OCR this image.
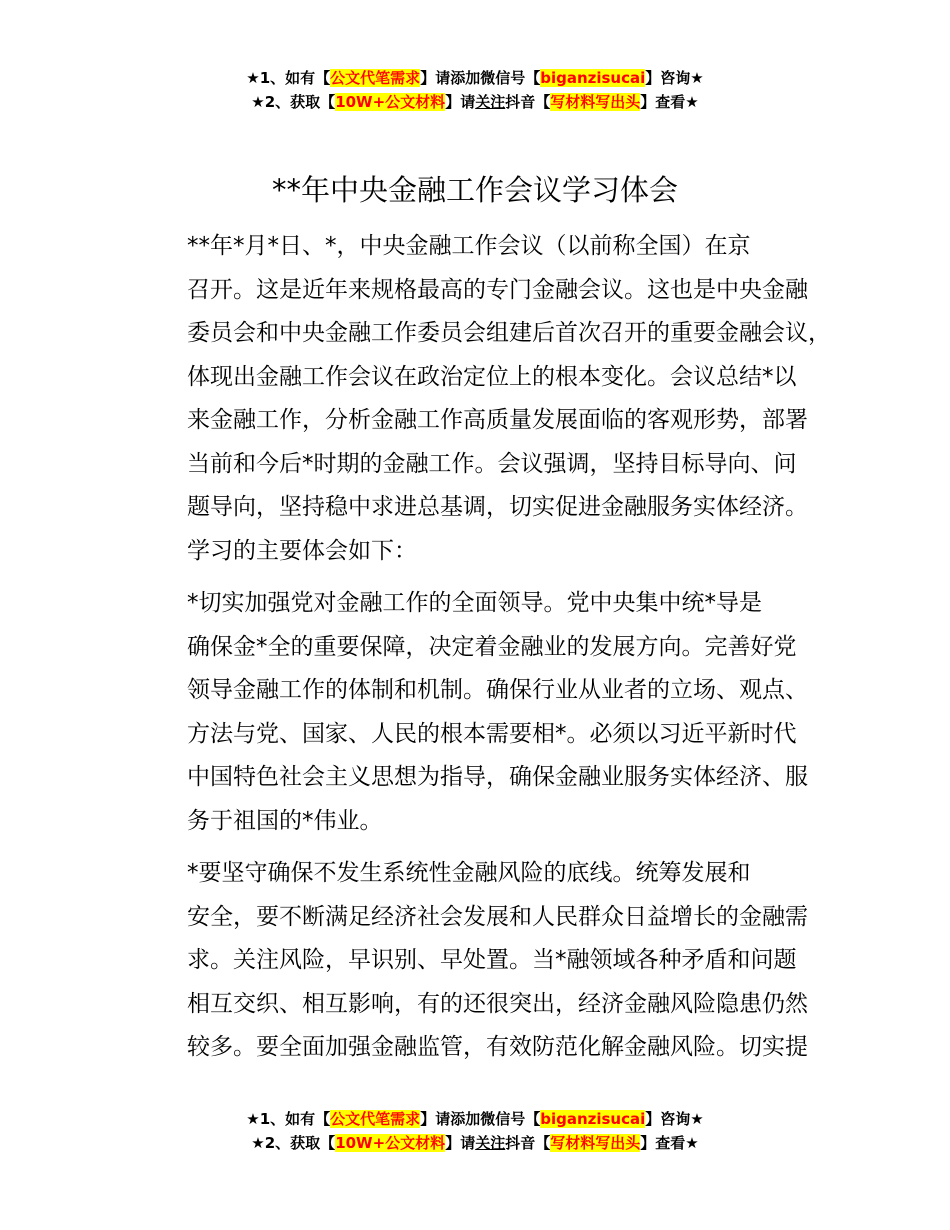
★1、如有【公文代笔需求】请添加微信号【biganzisucai】咨询★
★2、获取【10W+公文材料】请关注抖音【写材料写出头】查看★
**年中央金融工作会议学习体会

**年*月*日、*，中央金融工作会议（以前称全国）在京
召开。这是近年来规格最高的专门金融会议。这也是中央金融
委员会和中央金融工作委员会组建后首次召开的重要金融会议，
体现出金融工作会议在政治定位上的根本变化。会议总结*以
来金融工作，分析金融工作高质量发展面临的客观形势，部署
当前和今后*时期的金融工作。会议强调，坚持目标导向、问
题导向，坚持稳中求进总基调，切实促进金融服务实体经济。
学习的主要体会如下：

*切实加强党对金融工作的全面领导。党中央集中统*导是
确保金*全的重要保障，决定着金融业的发展方向。完善好党
领导金融工作的体制和机制。确保行业从业者的立场、观点、
方法与党、国家、人民的根本需要相*。必须以习近平新时代
中国特色社会主义思想为指导，确保金融业服务实体经济、服
务于祖国的*伟业。

*要坚守确保不发生系统性金融风险的底线。统筹发展和
安全，要不断满足经济社会发展和人民群众日益增长的金融需
求。关注风险，早识别、早处置。当*融领域各种矛盾和问题
相互交织、相互影响，有的还很突出，经济金融风险隐患仍然
较多。要全面加强金融监管，有效防范化解金融风险。切实提

★1、如有【公文代笔需求】请添加微信号【biganzisucai】咨询★
★2、获取【10W+公文材料】请关注抖音【写材料写出头】查看★
